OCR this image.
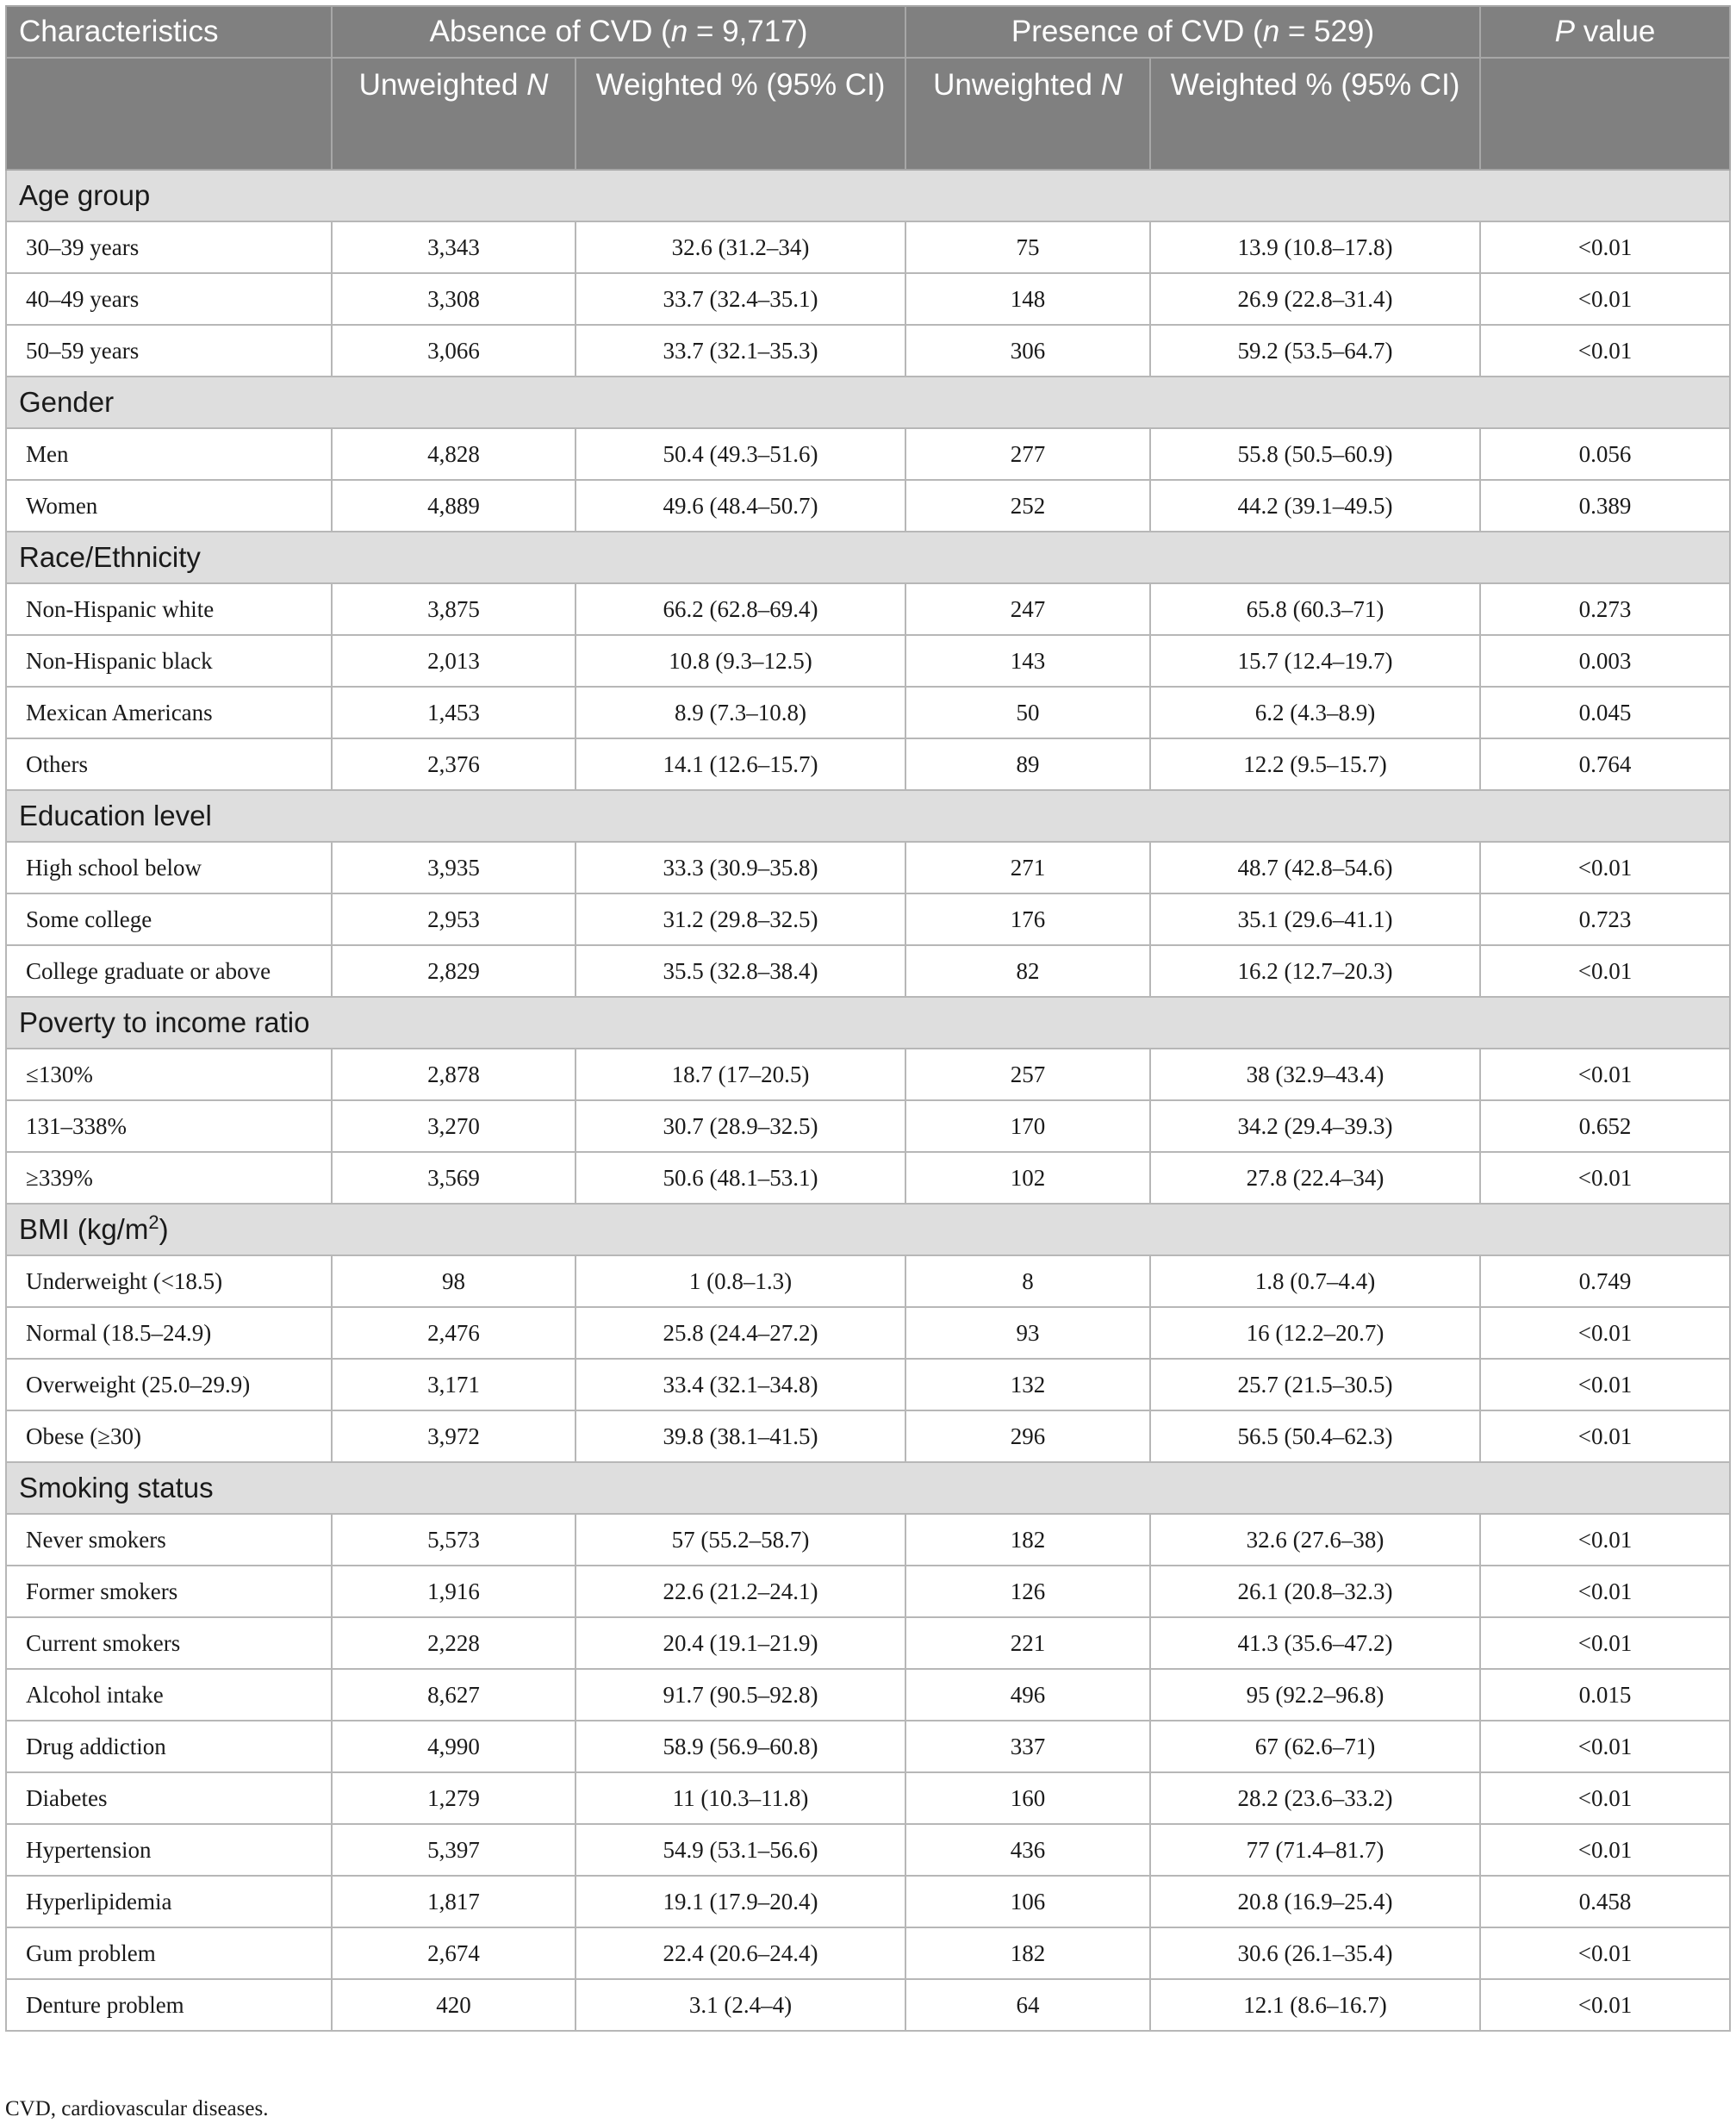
Characteristics	Absence of CVD (n = 9,717)		Presence of CVD (n = 529)		P value
	Unweighted N	Weighted % (95% CI)	Unweighted N	Weighted % (95% CI)	
Age group					
30–39 years	3,343	32.6 (31.2–34)	75	13.9 (10.8–17.8)	<0.01
40–49 years	3,308	33.7 (32.4–35.1)	148	26.9 (22.8–31.4)	<0.01
50–59 years	3,066	33.7 (32.1–35.3)	306	59.2 (53.5–64.7)	<0.01
Gender					
Men	4,828	50.4 (49.3–51.6)	277	55.8 (50.5–60.9)	0.056
Women	4,889	49.6 (48.4–50.7)	252	44.2 (39.1–49.5)	0.389
Race/Ethnicity					
Non-Hispanic white	3,875	66.2 (62.8–69.4)	247	65.8 (60.3–71)	0.273
Non-Hispanic black	2,013	10.8 (9.3–12.5)	143	15.7 (12.4–19.7)	0.003
Mexican Americans	1,453	8.9 (7.3–10.8)	50	6.2 (4.3–8.9)	0.045
Others	2,376	14.1 (12.6–15.7)	89	12.2 (9.5–15.7)	0.764
Education level					
High school below	3,935	33.3 (30.9–35.8)	271	48.7 (42.8–54.6)	<0.01
Some college	2,953	31.2 (29.8–32.5)	176	35.1 (29.6–41.1)	0.723
College graduate or above	2,829	35.5 (32.8–38.4)	82	16.2 (12.7–20.3)	<0.01
Poverty to income ratio					
≤130%	2,878	18.7 (17–20.5)	257	38 (32.9–43.4)	<0.01
131–338%	3,270	30.7 (28.9–32.5)	170	34.2 (29.4–39.3)	0.652
≥339%	3,569	50.6 (48.1–53.1)	102	27.8 (22.4–34)	<0.01
BMI $(kg/m^2)$					
Underweight (<18.5)	98	1 (0.8–1.3)	8	1.8 (0.7–4.4)	0.749
Normal (18.5–24.9)	2,476	25.8 (24.4–27.2)	93	16 (12.2–20.7)	<0.01
Overweight (25.0–29.9)	3,171	33.4 (32.1–34.8)	132	25.7 (21.5–30.5)	<0.01
Obese (≥30)	3,972	39.8 (38.1–41.5)	296	56.5 (50.4–62.3)	<0.01
Smoking status					
Never smokers	5,573	57 (55.2–58.7)	182	32.6 (27.6–38)	<0.01
Former smokers	1,916	22.6 (21.2–24.1)	126	26.1 (20.8–32.3)	<0.01
Current smokers	2,228	20.4 (19.1–21.9)	221	41.3 (35.6–47.2)	<0.01
Alcohol intake	8,627	91.7 (90.5–92.8)	496	95 (92.2–96.8)	0.015
Drug addiction	4,990	58.9 (56.9–60.8)	337	67 (62.6–71)	<0.01
Diabetes	1,279	11 (10.3–11.8)	160	28.2 (23.6–33.2)	<0.01
Hypertension	5,397	54.9 (53.1–56.6)	436	77 (71.4–81.7)	<0.01
Hyperlipidemia	1,817	19.1 (17.9–20.4)	106	20.8 (16.9–25.4)	0.458
Gum problem	2,674	22.4 (20.6–24.4)	182	30.6 (26.1–35.4)	<0.01
Denture problem	420	3.1 (2.4–4)	64	12.1 (8.6–16.7)	<0.01
CVD, cardiovascular diseases.
